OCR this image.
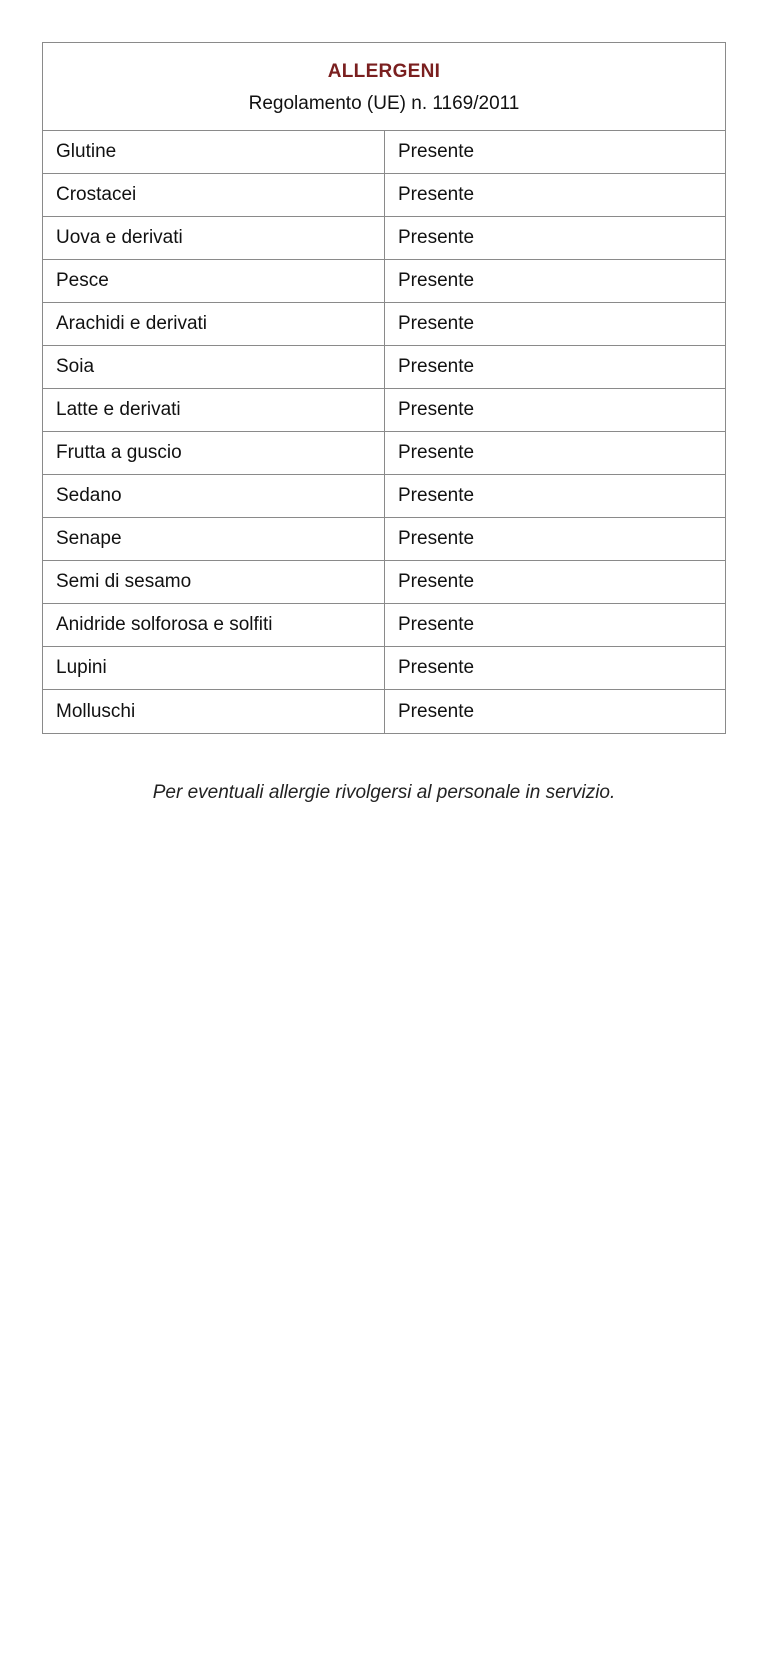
ALLERGENI
Regolamento (UE) n. 1169/2011
Glutine	Presente
Crostacei	Presente
Uova e derivati	Presente
Pesce	Presente
Arachidi e derivati	Presente
Soia	Presente
Latte e derivati	Presente
Frutta a guscio	Presente
Sedano	Presente
Senape	Presente
Semi di sesamo	Presente
Anidride solforosa e solfiti	Presente
Lupini	Presente
Molluschi	Presente
Per eventuali allergie rivolgersi al personale in servizio.
